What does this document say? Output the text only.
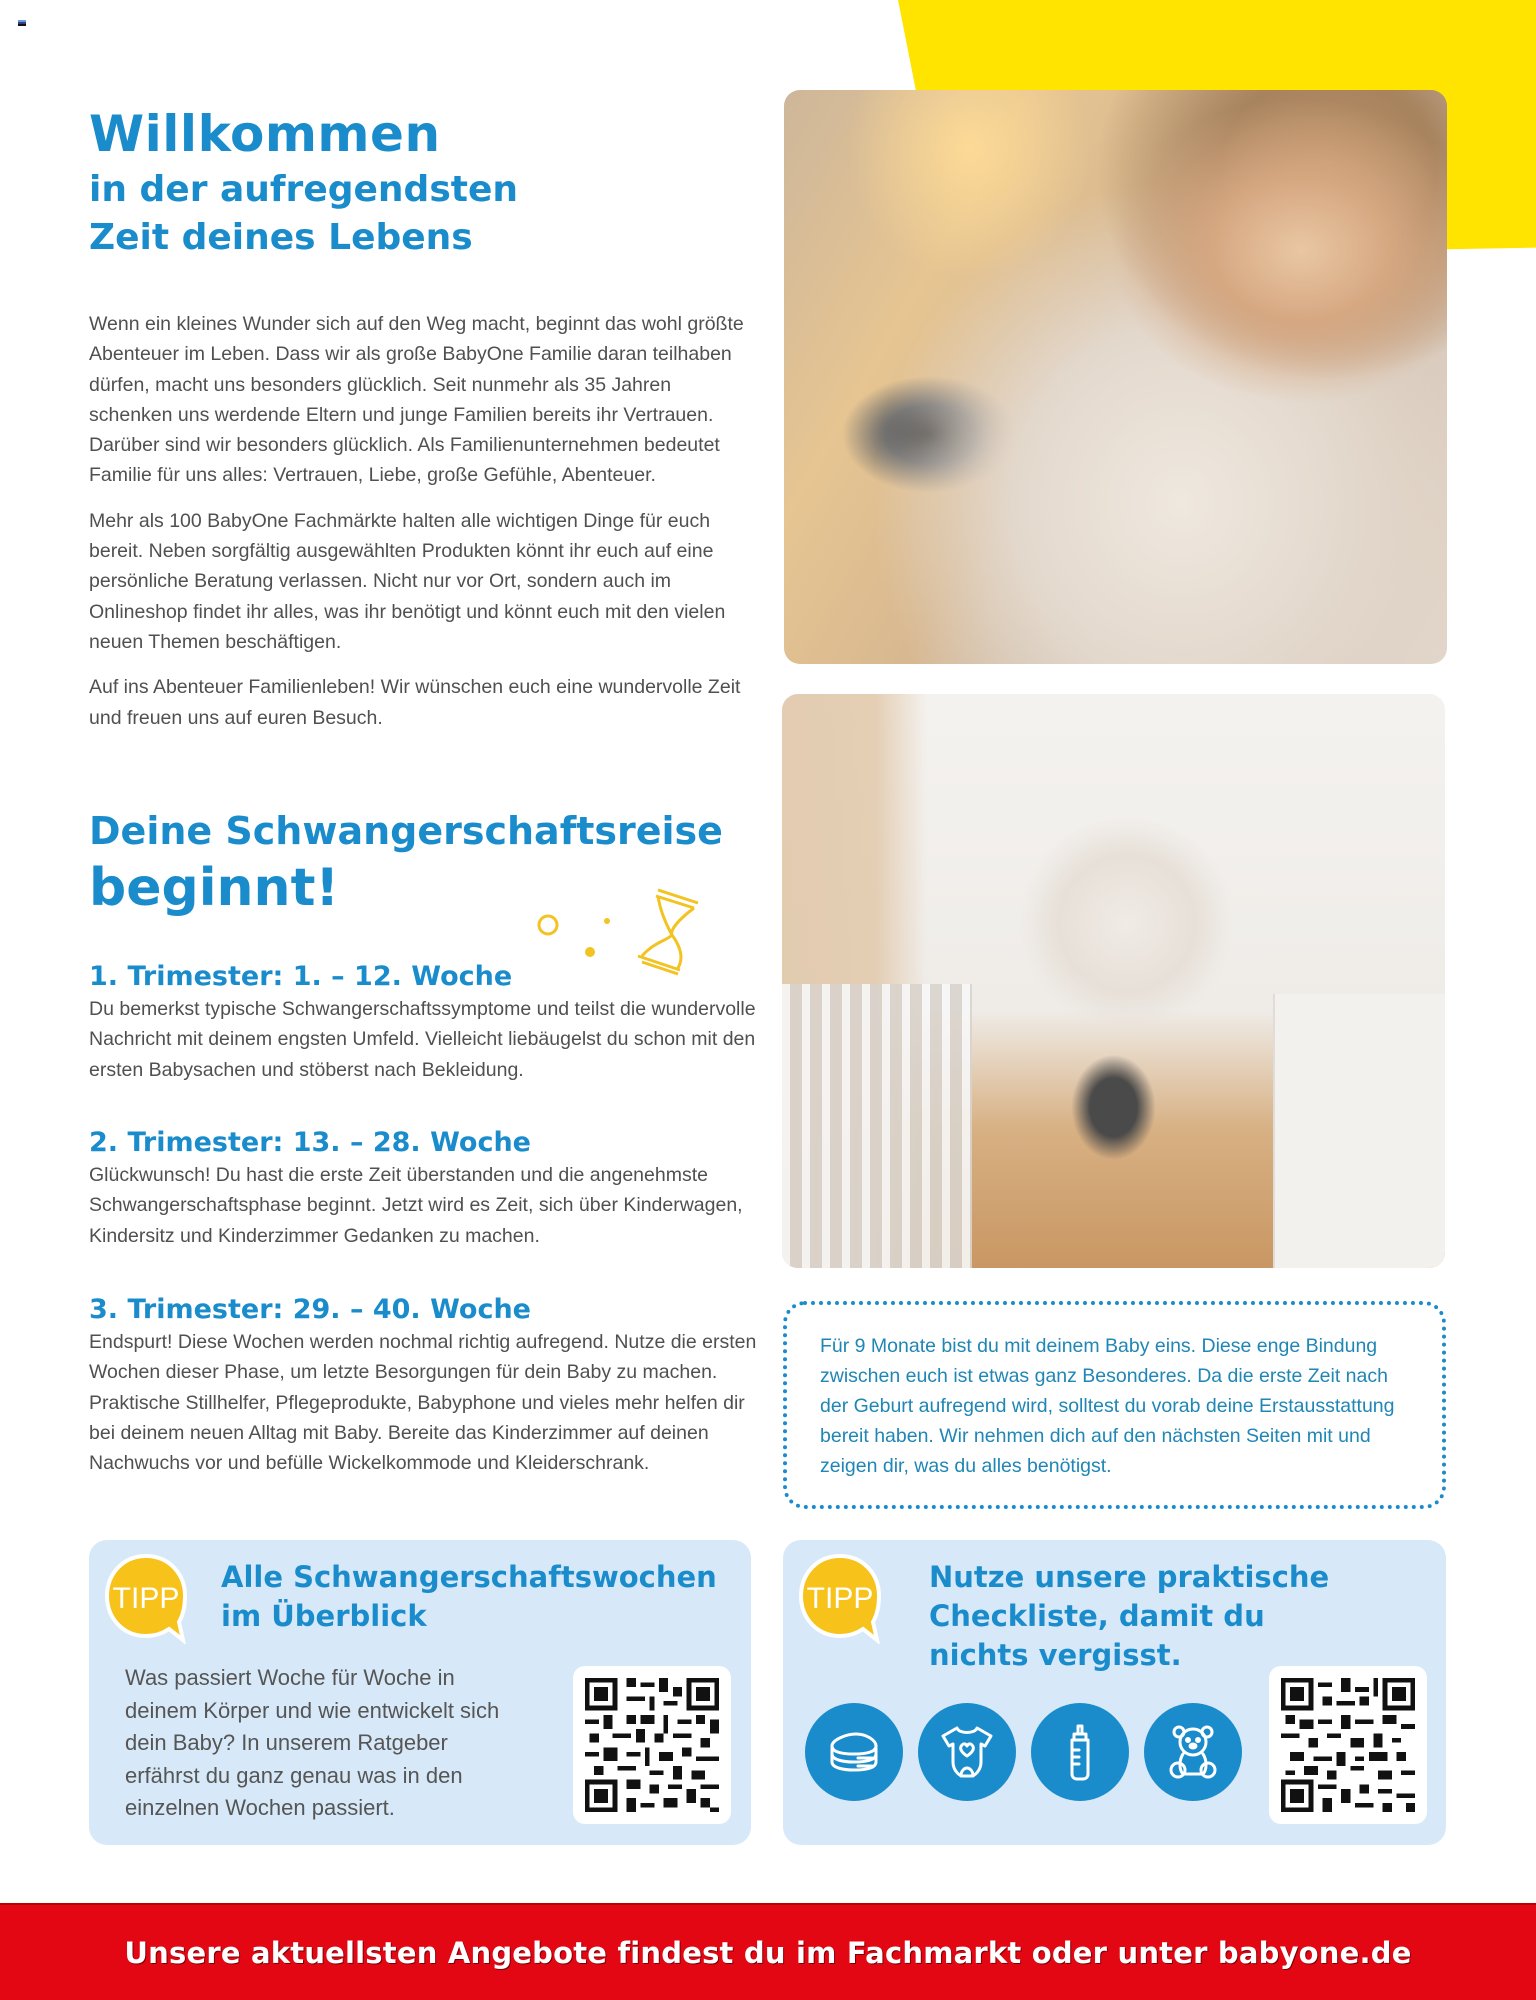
Willkommen
in der aufregendsten
Zeit deines Lebens

Wenn ein kleines Wunder sich auf den Weg macht, beginnt das wohl größte Abenteuer im Leben. Dass wir als große BabyOne Familie daran teilhaben dürfen, macht uns besonders glücklich. Seit nunmehr als 35 Jahren schenken uns werdende Eltern und junge Familien bereits ihr Vertrauen. Darüber sind wir besonders glücklich. Als Familienunternehmen bedeutet Familie für uns alles: Vertrauen, Liebe, große Gefühle, Abenteuer.

Mehr als 100 BabyOne Fachmärkte halten alle wichtigen Dinge für euch bereit. Neben sorgfältig ausgewählten Produkten könnt ihr euch auf eine persönliche Beratung verlassen. Nicht nur vor Ort, sondern auch im Onlineshop findet ihr alles, was ihr benötigt und könnt euch mit den vielen neuen Themen beschäftigen.

Auf ins Abenteuer Familienleben! Wir wünschen euch eine wundervolle Zeit und freuen uns auf euren Besuch.

Deine Schwangerschaftsreise
beginnt!
1. Trimester: 1. – 12. Woche

Du bemerkst typische Schwangerschaftssymptome und teilst die wundervolle Nachricht mit deinem engsten Umfeld. Vielleicht liebäugelst du schon mit den ersten Babysachen und stöberst nach Bekleidung.

2. Trimester: 13. – 28. Woche

Glückwunsch! Du hast die erste Zeit überstanden und die angenehmste Schwangerschaftsphase beginnt. Jetzt wird es Zeit, sich über Kinderwagen, Kindersitz und Kinderzimmer Gedanken zu machen.

3. Trimester: 29. – 40. Woche

Endspurt! Diese Wochen werden nochmal richtig aufregend. Nutze die ersten Wochen dieser Phase, um letzte Besorgungen für dein Baby zu machen. Praktische Stillhelfer, Pflegeprodukte, Babyphone und vieles mehr helfen dir bei deinem neuen Alltag mit Baby. Bereite das Kinderzimmer auf deinen Nachwuchs vor und befülle Wickelkommode und Kleiderschrank.

Für 9 Monate bist du mit deinem Baby eins. Diese enge Bindung zwischen euch ist etwas ganz Besonderes. Da die erste Zeit nach der Geburt aufregend wird, solltest du vorab deine Erstausstattung bereit haben. Wir nehmen dich auf den nächsten Seiten mit und zeigen dir, was du alles benötigst.

TIPP
Alle Schwangerschaftswochen
im Überblick

Was passiert Woche für Woche in deinem Körper und wie entwickelt sich dein Baby? In unserem Ratgeber erfährst du ganz genau was in den einzelnen Wochen passiert.

TIPP
Nutze unsere praktische
Checkliste, damit du
nichts vergisst.
Unsere aktuellsten Angebote findest du im Fachmarkt oder unter babyone.de
